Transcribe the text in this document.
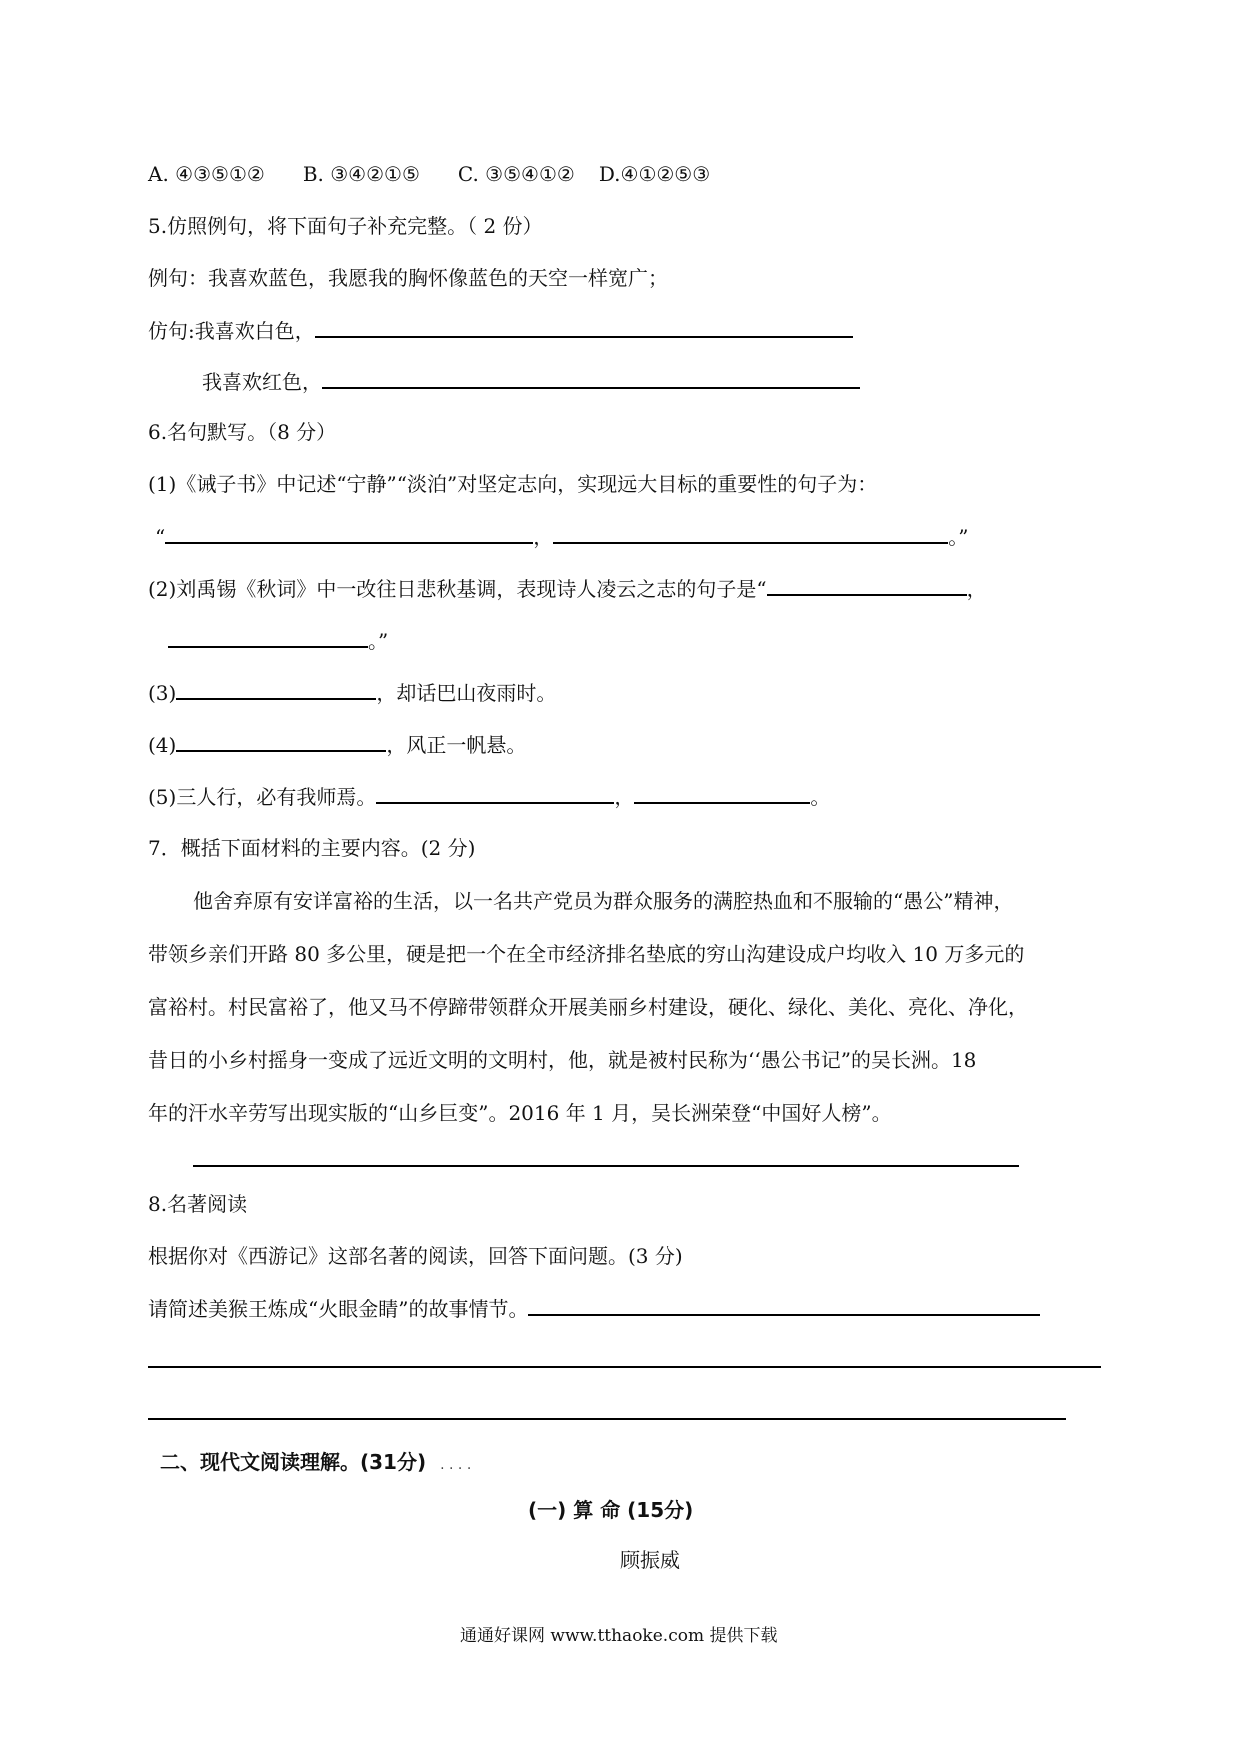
A. ④③⑤①② B. ③④②①⑤ C. ③⑤④①② D.④①②⑤③
5.仿照例句，将下面句子补充完整。（ 2 份）
例句：我喜欢蓝色，我愿我的胸怀像蓝色的天空一样宽广；
仿句:我喜欢白色，
我喜欢红色，
6.名句默写。（8 分）
(1)《诫子书》中记述“宁静”“淡泊”对坚定志向，实现远大目标的重要性的句子为：
“	，	。”
(2)刘禹锡《秋词》中一改往日悲秋基调，表现诗人凌云之志的句子是“	，
。”
(3)	，却话巴山夜雨时。
(4)	，风正一帆悬。
(5)三人行，必有我师焉。	，	。
7．概括下面材料的主要内容。(2 分)
他舍弃原有安详富裕的生活，以一名共产党员为群众服务的满腔热血和不服输的“愚公”精神，
带领乡亲们开路 80 多公里，硬是把一个在全市经济排名垫底的穷山沟建设成户均收入 10 万多元的
富裕村。村民富裕了，他又马不停蹄带领群众开展美丽乡村建设，硬化、绿化、美化、亮化、净化，
昔日的小乡村摇身一变成了远近文明的文明村，他，就是被村民称为‘‘愚公书记”的吴长洲。18
年的汗水辛劳写出现实版的“山乡巨变”。2016 年 1 月，吴长洲荣登“中国好人榜”。
8.名著阅读
根据你对《西游记》这部名著的阅读，回答下面问题。(3 分)
请简述美猴王炼成“火眼金睛”的故事情节。
二、现代文阅读理解。(31分) . . . .
(一) 算 命 (15分)
顾振威
通通好课网 www.tthaoke.com 提供下载
